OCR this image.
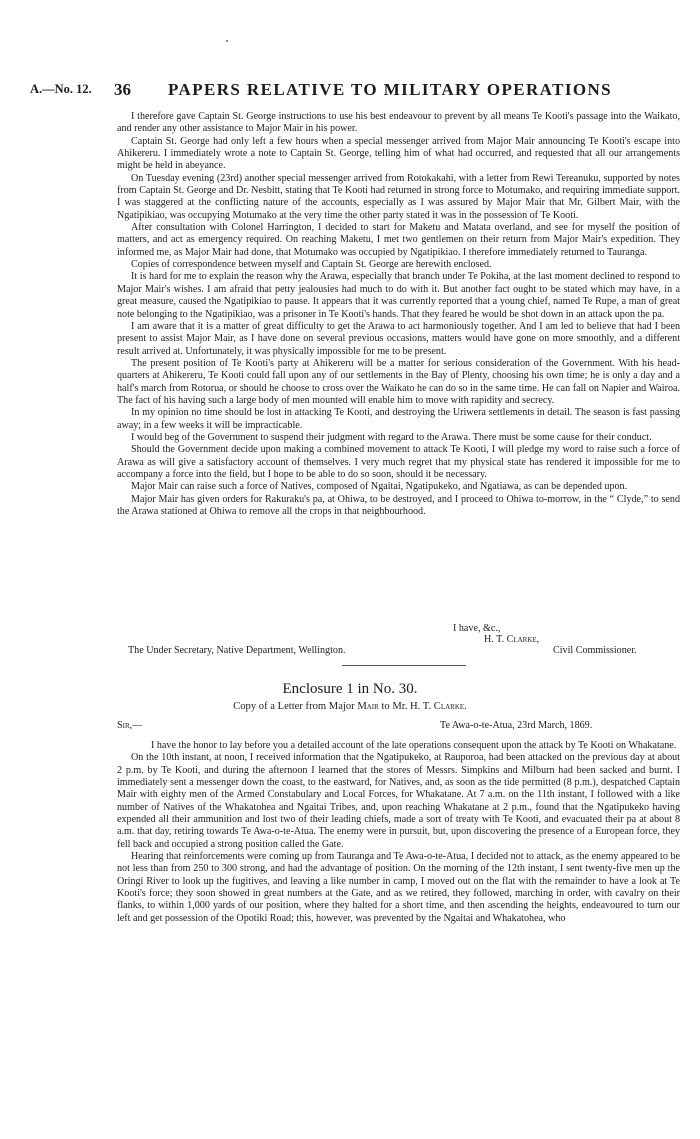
A.—No. 12. 36 PAPERS RELATIVE TO MILITARY OPERATIONS

I therefore gave Captain St. George instructions to use his best endeavour to prevent by all means Te Kooti's passage into the Waikato, and render any other assistance to Major Mair in his power.

Captain St. George had only left a few hours when a special messenger arrived from Major Mair announcing Te Kooti's escape into Ahikereru. I immediately wrote a note to Captain St. George, telling him of what had occurred, and requested that all our arrangements might be held in abeyance.

On Tuesday evening (23rd) another special messenger arrived from Rotokakahi, with a letter from Rewi Tereanuku, supported by notes from Captain St. George and Dr. Nesbitt, stating that Te Kooti had returned in strong force to Motumako, and requiring immediate support. I was staggered at the conflicting nature of the accounts, especially as I was assured by Major Mair that Mr. Gilbert Mair, with the Ngatipikiao, was occupying Motumako at the very time the other party stated it was in the possession of Te Kooti.

After consultation with Colonel Harrington, I decided to start for Maketu and Matata overland, and see for myself the position of matters, and act as emergency required. On reaching Maketu, I met two gentlemen on their return from Major Mair's expedition. They informed me, as Major Mair had done, that Motumako was occupied by Ngatipikiao. I therefore immediately returned to Tauranga.

Copies of correspondence between myself and Captain St. George are herewith enclosed.

It is hard for me to explain the reason why the Arawa, especially that branch under Te Pokiha, at the last moment declined to respond to Major Mair's wishes. I am afraid that petty jealousies had much to do with it. But another fact ought to be stated which may have, in a great measure, caused the Ngatipikiao to pause. It appears that it was currently reported that a young chief, named Te Rupe, a man of great note belonging to the Ngatipikiao, was a prisoner in Te Kooti's hands. That they feared he would be shot down in an attack upon the pa.

I am aware that it is a matter of great difficulty to get the Arawa to act harmoniously together. And I am led to believe that had I been present to assist Major Mair, as I have done on several previous occasions, matters would have gone on more smoothly, and a different result arrived at. Unfortunately, it was physically impossible for me to be present.

The present position of Te Kooti's party at Ahikereru will be a matter for serious consideration of the Government. With his head-quarters at Ahikereru, Te Kooti could fall upon any of our settlements in the Bay of Plenty, choosing his own time; he is only a day and a half's march from Rotorua, or should he choose to cross over the Waikato he can do so in the same time. He can fall on Napier and Wairoa. The fact of his having such a large body of men mounted will enable him to move with rapidity and secrecy.

In my opinion no time should be lost in attacking Te Kooti, and destroying the Uriwera settlements in detail. The season is fast passing away; in a few weeks it will be impracticable.

I would beg of the Government to suspend their judgment with regard to the Arawa. There must be some cause for their conduct.

Should the Government decide upon making a combined movement to attack Te Kooti, I will pledge my word to raise such a force of Arawa as will give a satisfactory account of themselves. I very much regret that my physical state has rendered it impossible for me to accompany a force into the field, but I hope to be able to do so soon, should it be necessary.

Major Mair can raise such a force of Natives, composed of Ngaitai, Ngatipukeko, and Ngatiawa, as can be depended upon.

Major Mair has given orders for Rakuraku's pa, at Ohiwa, to be destroyed, and I proceed to Ohiwa to-morrow, in the “ Clyde,” to send the Arawa stationed at Ohiwa to remove all the crops in that neighbourhood.

I have, &c.,
H. T. Clarke,
The Under Secretary, Native Department, Wellington.	Civil Commissioner.
Enclosure 1 in No. 30.
Copy of a Letter from Major Mair to Mr. H. T. Clarke.
Sir,—	Te Awa-o-te-Atua, 23rd March, 1869.

I have the honor to lay before you a detailed account of the late operations consequent upon the attack by Te Kooti on Whakatane.

On the 10th instant, at noon, I received information that the Ngatipukeko, at Rauporoa, had been attacked on the previous day at about 2 p.m. by Te Kooti, and during the afternoon I learned that the stores of Messrs. Simpkins and Milburn had been sacked and burnt. I immediately sent a messenger down the coast, to the eastward, for Natives, and, as soon as the tide permitted (8 p.m.), despatched Captain Mair with eighty men of the Armed Constabulary and Local Forces, for Whakatane. At 7 a.m. on the 11th instant, I followed with a like number of Natives of the Whakatohea and Ngaitai Tribes, and, upon reaching Whakatane at 2 p.m., found that the Ngatipukeko having expended all their ammunition and lost two of their leading chiefs, made a sort of treaty with Te Kooti, and evacuated their pa at about 8 a.m. that day, retiring towards Te Awa-o-te-Atua. The enemy were in pursuit, but, upon discovering the presence of a European force, they fell back and occupied a strong position called the Gate.

Hearing that reinforcements were coming up from Tauranga and Te Awa-o-te-Atua, I decided not to attack, as the enemy appeared to be not less than from 250 to 300 strong, and had the advantage of position. On the morning of the 12th instant, I sent twenty-five men up the Oringi River to look up the fugitives, and leaving a like number in camp, I moved out on the flat with the remainder to have a look at Te Kooti's force; they soon showed in great numbers at the Gate, and as we retired, they followed, marching in order, with cavalry on their flanks, to within 1,000 yards of our position, where they halted for a short time, and then ascending the heights, endeavoured to turn our left and get possession of the Opotiki Road; this, however, was prevented by the Ngaitai and Whakatohea, who
